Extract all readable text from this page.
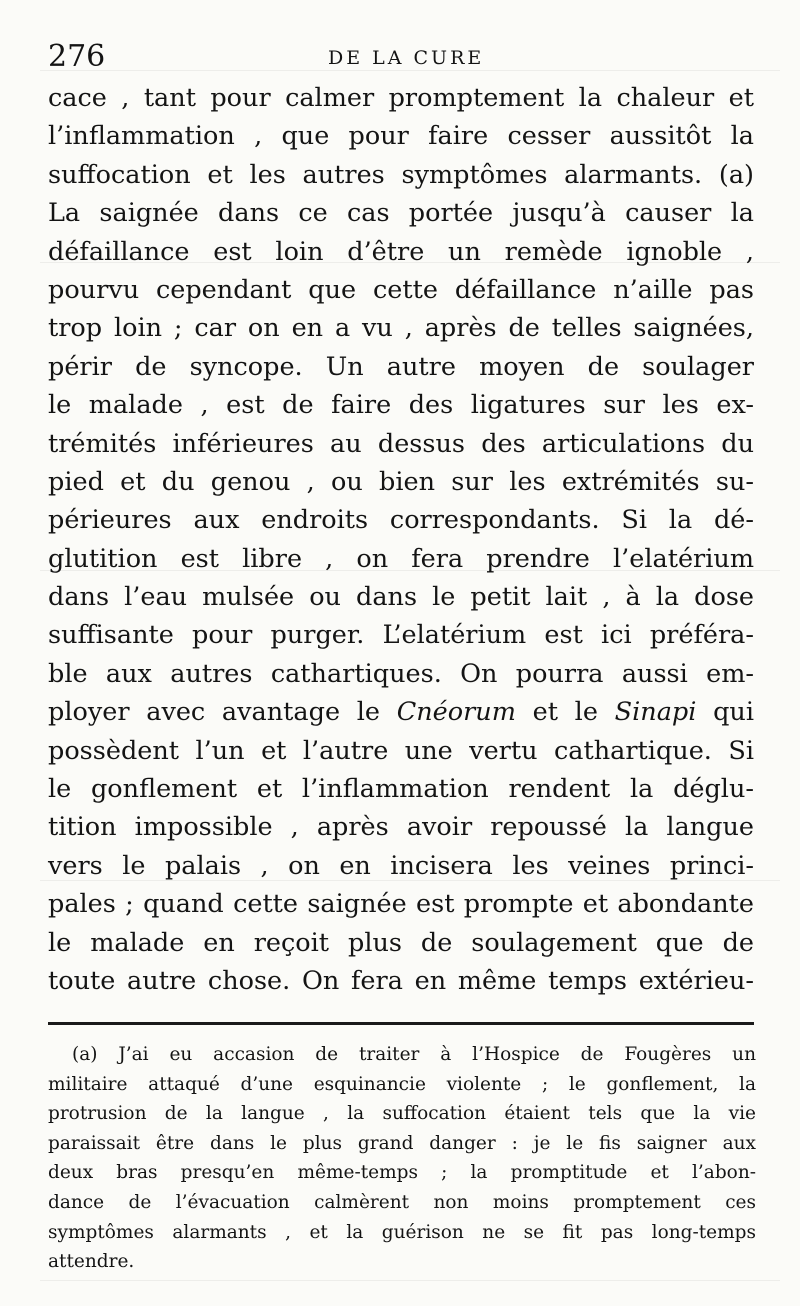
276	DE LA CURE
cace , tant pour calmer promptement la chaleur et
l’inflammation , que pour faire cesser aussitôt la
suffocation et les autres symptômes alarmants. (a)
La saignée dans ce cas portée jusqu’à causer la
défaillance est loin d’être un remède ignoble ,
pourvu cependant que cette défaillance n’aille pas
trop loin ; car on en a vu , après de telles saignées,
périr de syncope. Un autre moyen de soulager
le malade , est de faire des ligatures sur les ex-
trémités inférieures au dessus des articulations du
pied et du genou , ou bien sur les extrémités su-
périeures aux endroits correspondants. Si la dé-
glutition est libre , on fera prendre l’elatérium
dans l’eau mulsée ou dans le petit lait , à la dose
suffisante pour purger. L’elatérium est ici préféra-
ble aux autres cathartiques. On pourra aussi em-
ployer avec avantage le Cnéorum et le Sinapi qui
possèdent l’un et l’autre une vertu cathartique. Si
le gonflement et l’inflammation rendent la déglu-
tition impossible , après avoir repoussé la langue
vers le palais , on en incisera les veines princi-
pales ; quand cette saignée est prompte et abondante
le malade en reçoit plus de soulagement que de
toute autre chose. On fera en même temps extérieu-
(a) J’ai eu accasion de traiter à l’Hospice de Fougères un
militaire attaqué d’une esquinancie violente ; le gonflement, la
protrusion de la langue , la suffocation étaient tels que la vie
paraissait être dans le plus grand danger : je le fis saigner aux
deux bras presqu’en même-temps ; la promptitude et l’abon-
dance de l’évacuation calmèrent non moins promptement ces
symptômes alarmants , et la guérison ne se fit pas long-temps
attendre.
